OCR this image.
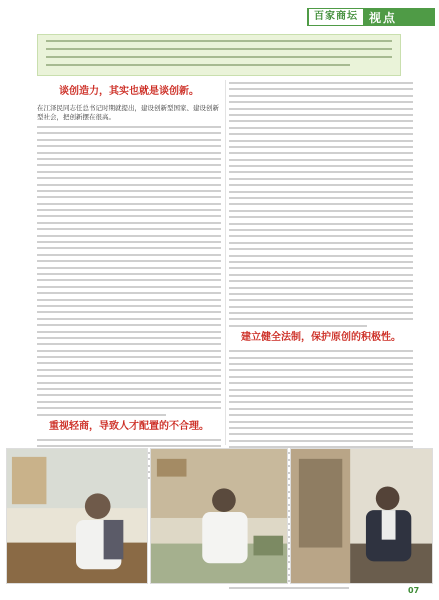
百家商坛 视点
谈创造力，其实也就是谈创新。
在江泽民同志任总书记时期就提出，建设创新型国家、建设创新型社会，把创新摆在很高。
重视轻商，导致人才配置的不合理。
建立健全法制，保护原创的积极性。
07
